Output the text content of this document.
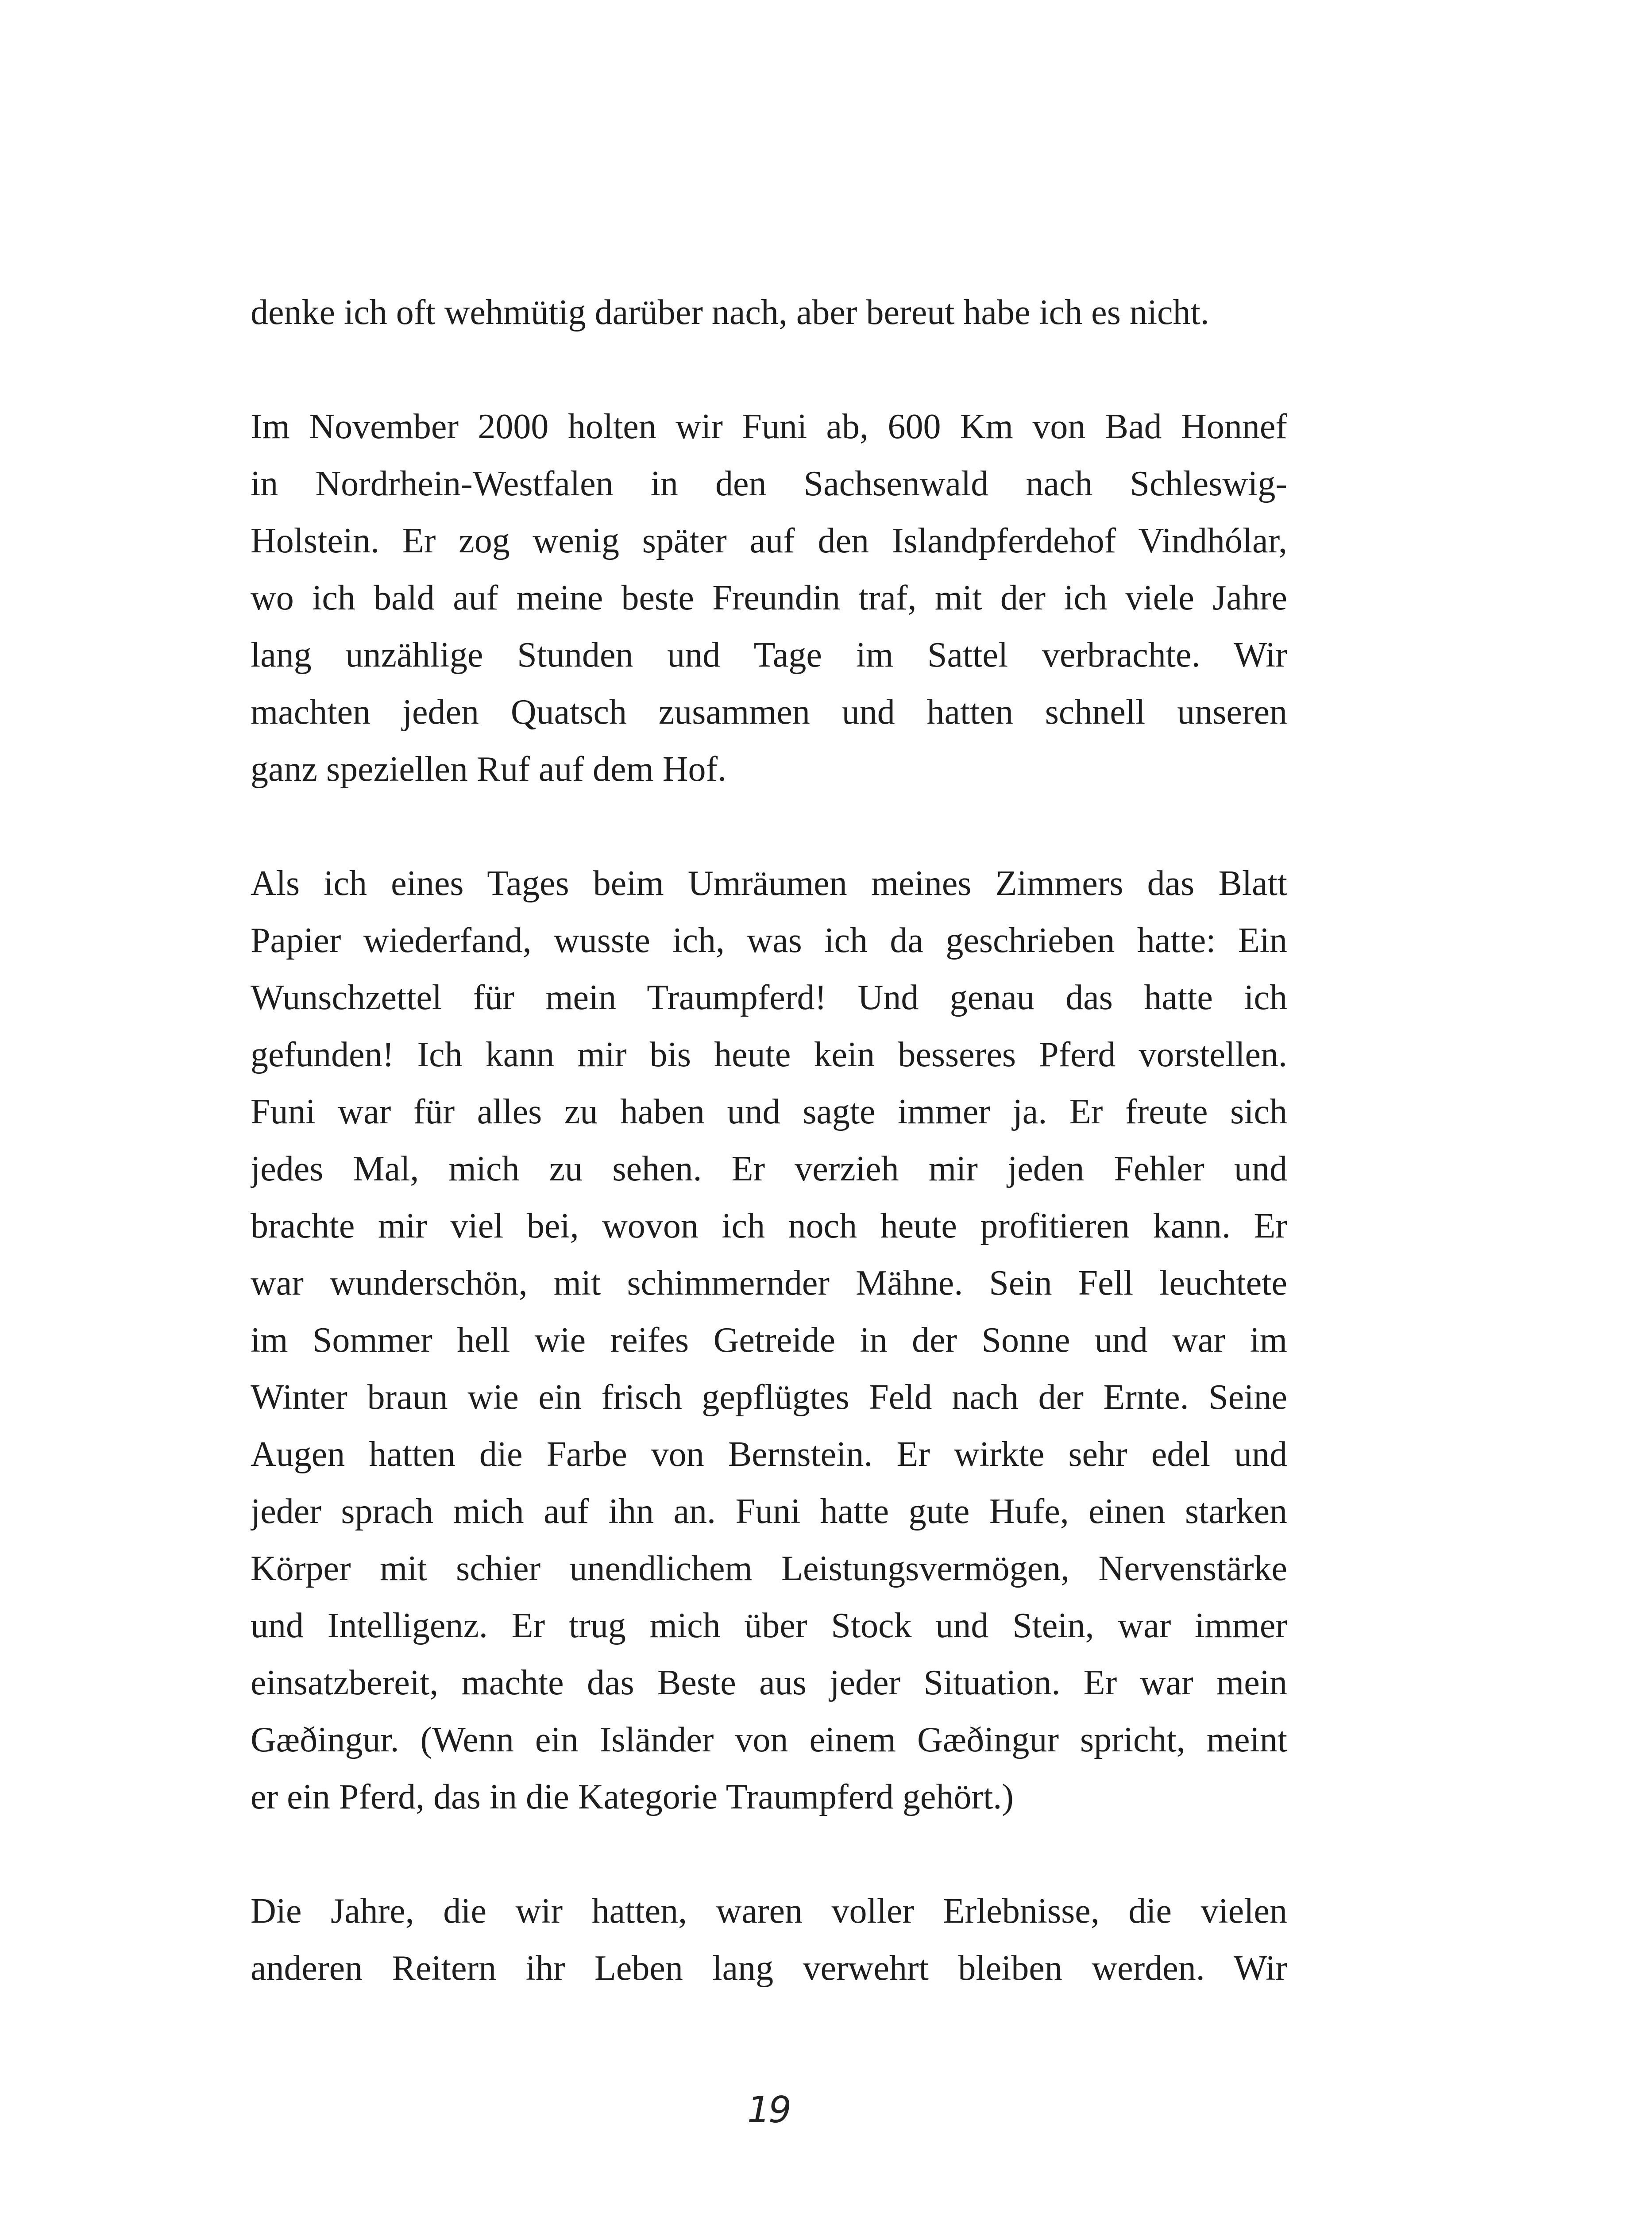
denke ich oft wehmütig darüber nach, aber bereut habe ich es nicht.
Im November 2000 holten wir Funi ab, 600 Km von Bad Honnef
in Nordrhein-Westfalen in den Sachsenwald nach Schleswig-
Holstein. Er zog wenig später auf den Islandpferdehof Vindhólar,
wo ich bald auf meine beste Freundin traf, mit der ich viele Jahre
lang unzählige Stunden und Tage im Sattel verbrachte. Wir
machten jeden Quatsch zusammen und hatten schnell unseren
ganz speziellen Ruf auf dem Hof.
Als ich eines Tages beim Umräumen meines Zimmers das Blatt
Papier wiederfand, wusste ich, was ich da geschrieben hatte: Ein
Wunschzettel für mein Traumpferd! Und genau das hatte ich
gefunden! Ich kann mir bis heute kein besseres Pferd vorstellen.
Funi war für alles zu haben und sagte immer ja. Er freute sich
jedes Mal, mich zu sehen. Er verzieh mir jeden Fehler und
brachte mir viel bei, wovon ich noch heute profitieren kann. Er
war wunderschön, mit schimmernder Mähne. Sein Fell leuchtete
im Sommer hell wie reifes Getreide in der Sonne und war im
Winter braun wie ein frisch gepflügtes Feld nach der Ernte. Seine
Augen hatten die Farbe von Bernstein. Er wirkte sehr edel und
jeder sprach mich auf ihn an. Funi hatte gute Hufe, einen starken
Körper mit schier unendlichem Leistungsvermögen, Nervenstärke
und Intelligenz. Er trug mich über Stock und Stein, war immer
einsatzbereit, machte das Beste aus jeder Situation. Er war mein
Gæðingur. (Wenn ein Isländer von einem Gæðingur spricht, meint
er ein Pferd, das in die Kategorie Traumpferd gehört.)
Die Jahre, die wir hatten, waren voller Erlebnisse, die vielen
anderen Reitern ihr Leben lang verwehrt bleiben werden. Wir
19
